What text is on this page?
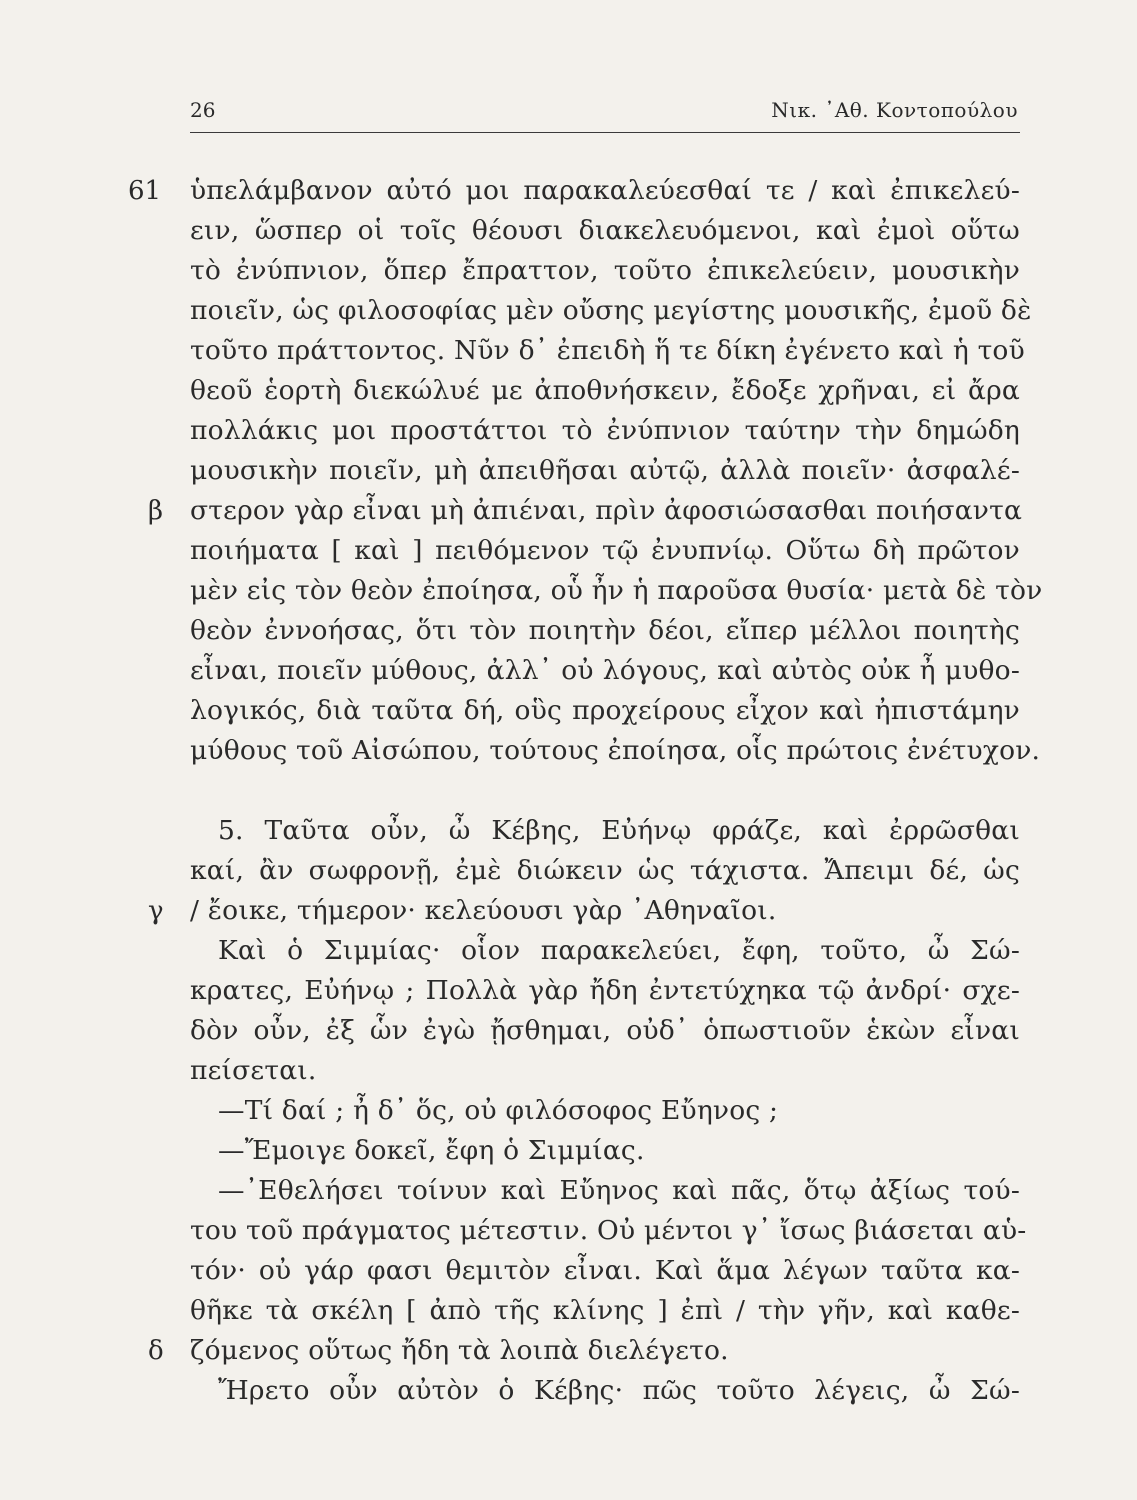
26	Νικ. ᾿Αθ. Κοντοπούλου
61
β
γ
δ
ὑπελάμβανον αὐτό μοι παρακαλεύεσθαί τε / καὶ ἐπικελεύ-
ειν, ὥσπερ οἱ τοῖς θέουσι διακελευόμενοι, καὶ ἐμοὶ οὕτω
τὸ ἐνύπνιον, ὅπερ ἔπραττον, τοῦτο ἐπικελεύειν, μουσικὴν
ποιεῖν, ὡς φιλοσοφίας μὲν οὔσης μεγίστης μουσικῆς, ἐμοῦ δὲ
τοῦτο πράττοντος. Νῦν δ᾿ ἐπειδὴ ἥ τε δίκη ἐγένετο καὶ ἡ τοῦ
θεοῦ ἑορτὴ διεκώλυέ με ἀποθνήσκειν, ἔδοξε χρῆναι, εἰ ἄρα
πολλάκις μοι προστάττοι τὸ ἐνύπνιον ταύτην τὴν δημώδη
μουσικὴν ποιεῖν, μὴ ἀπειθῆσαι αὐτῷ, ἀλλὰ ποιεῖν· ἀσφαλέ-
στερον γὰρ εἶναι μὴ ἀπιέναι, πρὶν ἀφοσιώσασθαι ποιήσαντα
ποιήματα [ καὶ ] πειθόμενον τῷ ἐνυπνίῳ. Οὕτω δὴ πρῶτον
μὲν εἰς τὸν θεὸν ἐποίησα, οὗ ἦν ἡ παροῦσα θυσία· μετὰ δὲ τὸν
θεὸν ἐννοήσας, ὅτι τὸν ποιητὴν δέοι, εἴπερ μέλλοι ποιητὴς
εἶναι, ποιεῖν μύθους, ἀλλ᾿ οὐ λόγους, καὶ αὐτὸς οὐκ ἦ μυθο-
λογικός, διὰ ταῦτα δή, οὓς προχείρους εἶχον καὶ ἠπιστάμην
μύθους τοῦ Αἰσώπου, τούτους ἐποίησα, οἷς πρώτοις ἐνέτυχον.
5. Ταῦτα οὖν, ὦ Κέβης, Εὐήνῳ φράζε, καὶ ἐρρῶσθαι
καί, ἂν σωφρονῇ, ἐμὲ διώκειν ὡς τάχιστα. Ἄπειμι δέ, ὡς
/ ἔοικε, τήμερον· κελεύουσι γὰρ ᾿Αθηναῖοι.
Καὶ ὁ Σιμμίας· οἷον παρακελεύει, ἔφη, τοῦτο, ὦ Σώ-
κρατες, Εὐήνῳ ; Πολλὰ γὰρ ἤδη ἐντετύχηκα τῷ ἀνδρί· σχε-
δὸν οὖν, ἐξ ὧν ἐγὼ ᾔσθημαι, οὐδ᾿ ὁπωστιοῦν ἑκὼν εἶναι
πείσεται.
—Τί δαί ; ἦ δ᾿ ὅς, οὐ φιλόσοφος Εὔηνος ;
—Ἔμοιγε δοκεῖ, ἔφη ὁ Σιμμίας.
—᾿Εθελήσει τοίνυν καὶ Εὔηνος καὶ πᾶς, ὅτῳ ἀξίως τού-
του τοῦ πράγματος μέτεστιν. Οὐ μέντοι γ᾿ ἴσως βιάσεται αὑ-
τόν· οὐ γάρ φασι θεμιτὸν εἶναι. Καὶ ἅμα λέγων ταῦτα κα-
θῆκε τὰ σκέλη [ ἀπὸ τῆς κλίνης ] ἐπὶ / τὴν γῆν, καὶ καθε-
ζόμενος οὕτως ἤδη τὰ λοιπὰ διελέγετο.
Ἤρετο οὖν αὐτὸν ὁ Κέβης· πῶς τοῦτο λέγεις, ὦ Σώ-
